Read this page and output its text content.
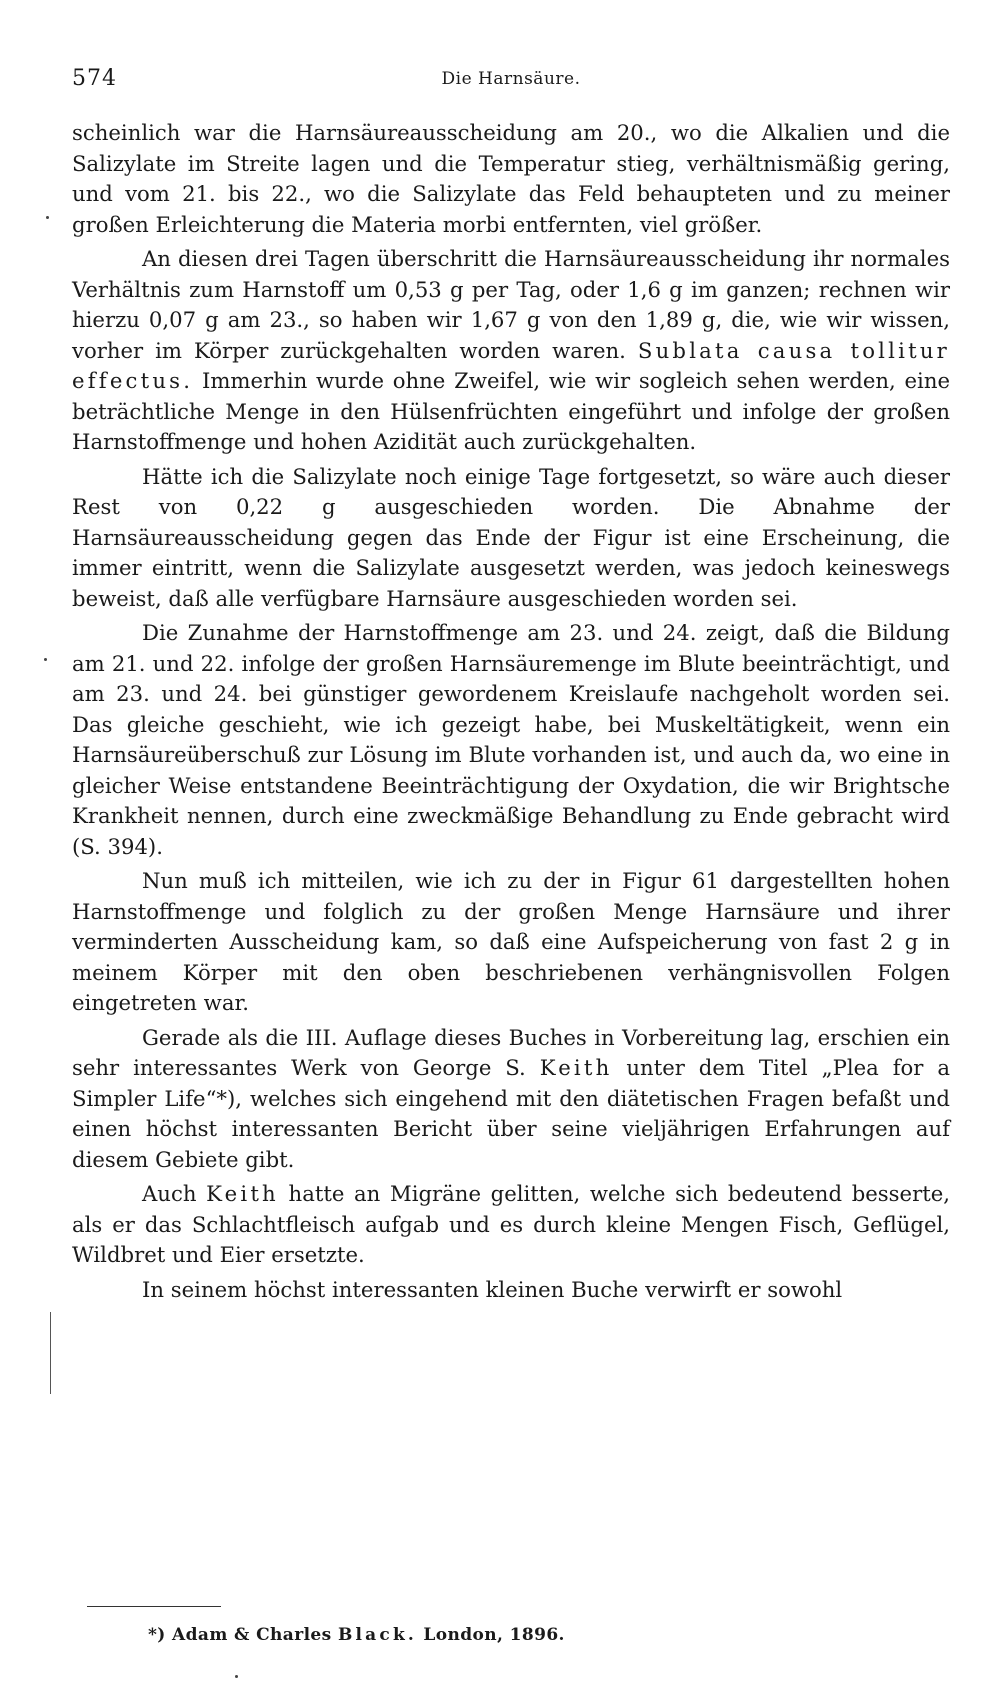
574	Die Harnsäure.

scheinlich war die Harnsäureausscheidung am 20., wo die Alkalien und die Salizylate im Streite lagen und die Temperatur stieg, verhältnismäßig gering, und vom 21. bis 22., wo die Salizylate das Feld behaupteten und zu meiner großen Erleichterung die Materia morbi entfernten, viel größer.

An diesen drei Tagen überschritt die Harnsäureausscheidung ihr normales Verhältnis zum Harnstoff um 0,53 g per Tag, oder 1,6 g im ganzen; rechnen wir hierzu 0,07 g am 23., so haben wir 1,67 g von den 1,89 g, die, wie wir wissen, vorher im Körper zurückgehalten worden waren. Sublata causa tollitur effectus. Immerhin wurde ohne Zweifel, wie wir sogleich sehen werden, eine beträchtliche Menge in den Hülsenfrüchten eingeführt und infolge der großen Harnstoffmenge und hohen Azidität auch zurückgehalten.

Hätte ich die Salizylate noch einige Tage fortgesetzt, so wäre auch dieser Rest von 0,22 g ausgeschieden worden. Die Abnahme der Harnsäureausscheidung gegen das Ende der Figur ist eine Erscheinung, die immer eintritt, wenn die Salizylate ausgesetzt werden, was jedoch keineswegs beweist, daß alle verfügbare Harnsäure ausgeschieden worden sei.

Die Zunahme der Harnstoffmenge am 23. und 24. zeigt, daß die Bildung am 21. und 22. infolge der großen Harnsäuremenge im Blute beeinträchtigt, und am 23. und 24. bei günstiger gewordenem Kreislaufe nachgeholt worden sei. Das gleiche geschieht, wie ich gezeigt habe, bei Muskeltätigkeit, wenn ein Harnsäureüberschuß zur Lösung im Blute vorhanden ist, und auch da, wo eine in gleicher Weise entstandene Beeinträchtigung der Oxydation, die wir Brightsche Krankheit nennen, durch eine zweckmäßige Behandlung zu Ende gebracht wird (S. 394).

Nun muß ich mitteilen, wie ich zu der in Figur 61 dargestellten hohen Harnstoffmenge und folglich zu der großen Menge Harnsäure und ihrer verminderten Ausscheidung kam, so daß eine Aufspeicherung von fast 2 g in meinem Körper mit den oben beschriebenen verhängnisvollen Folgen eingetreten war.

Gerade als die III. Auflage dieses Buches in Vorbereitung lag, erschien ein sehr interessantes Werk von George S. Keith unter dem Titel „Plea for a Simpler Life“*), welches sich eingehend mit den diätetischen Fragen befaßt und einen höchst interessanten Bericht über seine vieljährigen Erfahrungen auf diesem Gebiete gibt.

Auch Keith hatte an Migräne gelitten, welche sich bedeutend besserte, als er das Schlachtfleisch aufgab und es durch kleine Mengen Fisch, Geflügel, Wildbret und Eier ersetzte.

In seinem höchst interessanten kleinen Buche verwirft er sowohl

*) Adam & Charles Black. London, 1896.
